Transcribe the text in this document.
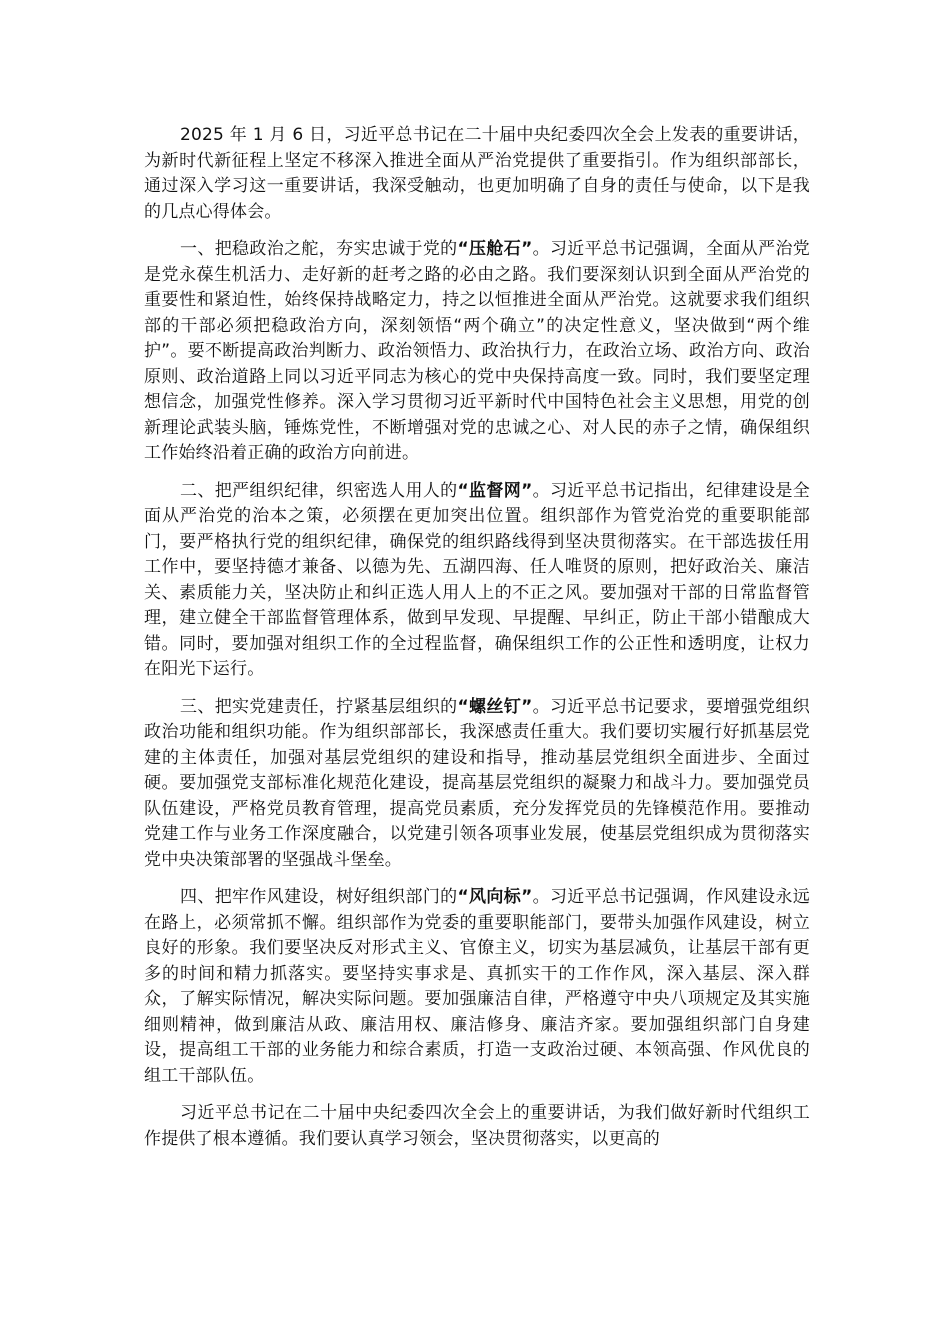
2025 年 1 月 6 日，习近平总书记在二十届中央纪委四次全会上发表的重要讲话，为新时代新征程上坚定不移深入推进全面从严治党提供了重要指引。作为组织部部长，通过深入学习这一重要讲话，我深受触动，也更加明确了自身的责任与使命，以下是我的几点心得体会。

一、把稳政治之舵，夯实忠诚于党的“压舱石”。习近平总书记强调，全面从严治党是党永葆生机活力、走好新的赶考之路的必由之路。我们要深刻认识到全面从严治党的重要性和紧迫性，始终保持战略定力，持之以恒推进全面从严治党。这就要求我们组织部的干部必须把稳政治方向，深刻领悟“两个确立”的决定性意义，坚决做到“两个维护”。要不断提高政治判断力、政治领悟力、政治执行力，在政治立场、政治方向、政治原则、政治道路上同以习近平同志为核心的党中央保持高度一致。同时，我们要坚定理想信念，加强党性修养。深入学习贯彻习近平新时代中国特色社会主义思想，用党的创新理论武装头脑，锤炼党性，不断增强对党的忠诚之心、对人民的赤子之情，确保组织工作始终沿着正确的政治方向前进。

二、把严组织纪律，织密选人用人的“监督网”。习近平总书记指出，纪律建设是全面从严治党的治本之策，必须摆在更加突出位置。组织部作为管党治党的重要职能部门，要严格执行党的组织纪律，确保党的组织路线得到坚决贯彻落实。在干部选拔任用工作中，要坚持德才兼备、以德为先、五湖四海、任人唯贤的原则，把好政治关、廉洁关、素质能力关，坚决防止和纠正选人用人上的不正之风。要加强对干部的日常监督管理，建立健全干部监督管理体系，做到早发现、早提醒、早纠正，防止干部小错酿成大错。同时，要加强对组织工作的全过程监督，确保组织工作的公正性和透明度，让权力在阳光下运行。

三、把实党建责任，拧紧基层组织的“螺丝钉”。习近平总书记要求，要增强党组织政治功能和组织功能。作为组织部部长，我深感责任重大。我们要切实履行好抓基层党建的主体责任，加强对基层党组织的建设和指导，推动基层党组织全面进步、全面过硬。要加强党支部标准化规范化建设，提高基层党组织的凝聚力和战斗力。要加强党员队伍建设，严格党员教育管理，提高党员素质，充分发挥党员的先锋模范作用。要推动党建工作与业务工作深度融合，以党建引领各项事业发展，使基层党组织成为贯彻落实党中央决策部署的坚强战斗堡垒。

四、把牢作风建设，树好组织部门的“风向标”。习近平总书记强调，作风建设永远在路上，必须常抓不懈。组织部作为党委的重要职能部门，要带头加强作风建设，树立良好的形象。我们要坚决反对形式主义、官僚主义，切实为基层减负，让基层干部有更多的时间和精力抓落实。要坚持实事求是、真抓实干的工作作风，深入基层、深入群众，了解实际情况，解决实际问题。要加强廉洁自律，严格遵守中央八项规定及其实施细则精神，做到廉洁从政、廉洁用权、廉洁修身、廉洁齐家。要加强组织部门自身建设，提高组工干部的业务能力和综合素质，打造一支政治过硬、本领高强、作风优良的组工干部队伍。

习近平总书记在二十届中央纪委四次全会上的重要讲话，为我们做好新时代组织工作提供了根本遵循。我们要认真学习领会，坚决贯彻落实，以更高的
